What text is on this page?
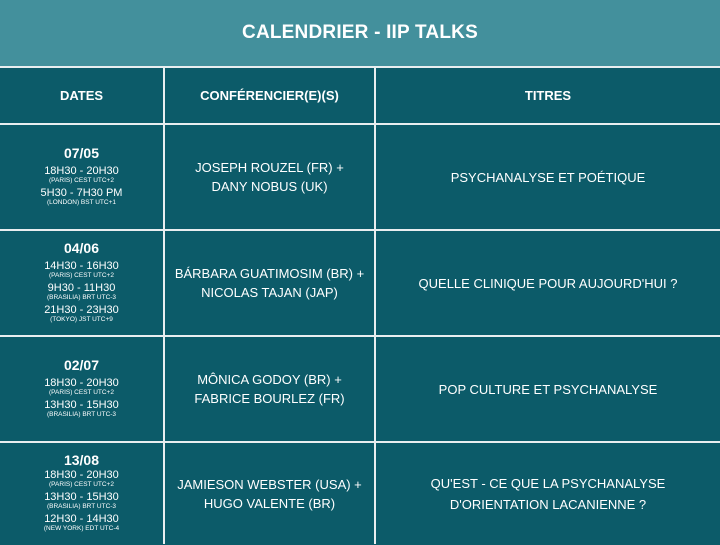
CALENDRIER - IIP TALKS
DATES	CONFÉRENCIER(E)(S)	TITRES
07/05
18H30 - 20H30
(PARIS) CEST UTC+2
5H30 - 7H30 PM
(LONDON) BST UTC+1
JOSEPH ROUZEL (FR) +
DANY NOBUS (UK)
PSYCHANALYSE ET POÉTIQUE
04/06
14H30 - 16H30
(PARIS) CEST UTC+2
9H30 - 11H30
(BRASILIA) BRT UTC-3
21H30 - 23H30
(TOKYO) JST UTC+9
BÁRBARA GUATIMOSIM (BR) +
NICOLAS TAJAN (JAP)
QUELLE CLINIQUE POUR AUJOURD'HUI ?
02/07
18H30 - 20H30
(PARIS) CEST UTC+2
13H30 - 15H30
(BRASILIA) BRT UTC-3
MÔNICA GODOY (BR) +
FABRICE BOURLEZ (FR)
POP CULTURE ET PSYCHANALYSE
13/08
18H30 - 20H30
(PARIS) CEST UTC+2
13H30 - 15H30
(BRASILIA) BRT UTC-3
12H30 - 14H30
(NEW YORK) EDT UTC-4
JAMIESON WEBSTER (USA) +
HUGO VALENTE (BR)
QU'EST - CE QUE LA PSYCHANALYSE
D'ORIENTATION LACANIENNE ?
